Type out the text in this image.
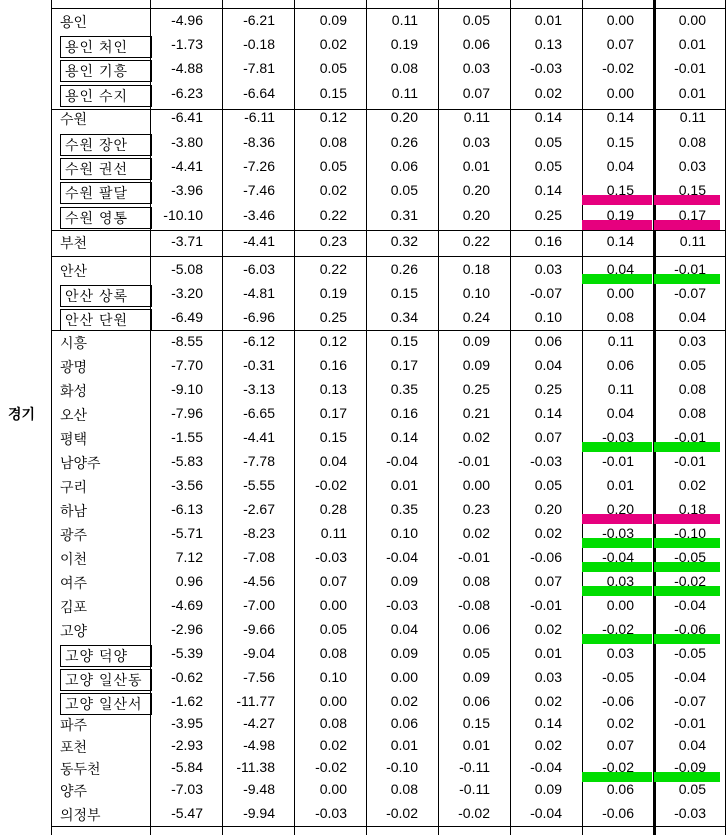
경기
용인	-4.96	-6.21	0.09	0.11	0.05	0.01	0.00	0.00
용인 처인	-1.73	-0.18	0.02	0.19	0.06	0.13	0.07	0.01
용인 기흥	-4.88	-7.81	0.05	0.08	0.03	-0.03	-0.02	-0.01
용인 수지	-6.23	-6.64	0.15	0.11	0.07	0.02	0.00	0.01
수원	-6.41	-6.11	0.12	0.20	0.11	0.14	0.14	0.11
수원 장안	-3.80	-8.36	0.08	0.26	0.03	0.05	0.15	0.08
수원 권선	-4.41	-7.26	0.05	0.06	0.01	0.05	0.04	0.03
수원 팔달	-3.96	-7.46	0.02	0.05	0.20	0.14	0.15	0.15
수원 영통	-10.10	-3.46	0.22	0.31	0.20	0.25	0.19	0.17
부천	-3.71	-4.41	0.23	0.32	0.22	0.16	0.14	0.11
안산	-5.08	-6.03	0.22	0.26	0.18	0.03	0.04	-0.01
안산 상록	-3.20	-4.81	0.19	0.15	0.10	-0.07	0.00	-0.07
안산 단원	-6.49	-6.96	0.25	0.34	0.24	0.10	0.08	0.04
시흥	-8.55	-6.12	0.12	0.15	0.09	0.06	0.11	0.03
광명	-7.70	-0.31	0.16	0.17	0.09	0.04	0.06	0.05
화성	-9.10	-3.13	0.13	0.35	0.25	0.25	0.11	0.08
오산	-7.96	-6.65	0.17	0.16	0.21	0.14	0.04	0.08
평택	-1.55	-4.41	0.15	0.14	0.02	0.07	-0.03	-0.01
남양주	-5.83	-7.78	0.04	-0.04	-0.01	-0.03	-0.01	-0.01
구리	-3.56	-5.55	-0.02	0.01	0.00	0.05	0.01	0.02
하남	-6.13	-2.67	0.28	0.35	0.23	0.20	0.20	0.18
광주	-5.71	-8.23	0.11	0.10	0.02	0.02	-0.03	-0.10
이천	7.12	-7.08	-0.03	-0.04	-0.01	-0.06	-0.04	-0.05
여주	0.96	-4.56	0.07	0.09	0.08	0.07	0.03	-0.02
김포	-4.69	-7.00	0.00	-0.03	-0.08	-0.01	0.00	-0.04
고양	-2.96	-9.66	0.05	0.04	0.06	0.02	-0.02	-0.06
고양 덕양	-5.39	-9.04	0.08	0.09	0.05	0.01	0.03	-0.05
고양 일산동	-0.62	-7.56	0.10	0.00	0.09	0.03	-0.05	-0.04
고양 일산서	-1.62	-11.77	0.00	0.02	0.06	0.02	-0.06	-0.07
파주	-3.95	-4.27	0.08	0.06	0.15	0.14	0.02	-0.01
포천	-2.93	-4.98	0.02	0.01	0.01	0.02	0.07	0.04
동두천	-5.84	-11.38	-0.02	-0.10	-0.11	-0.04	-0.02	-0.09
양주	-7.03	-9.48	0.00	0.08	-0.11	0.09	0.06	0.05
의정부	-5.47	-9.94	-0.03	-0.02	-0.02	-0.04	-0.06	-0.03
